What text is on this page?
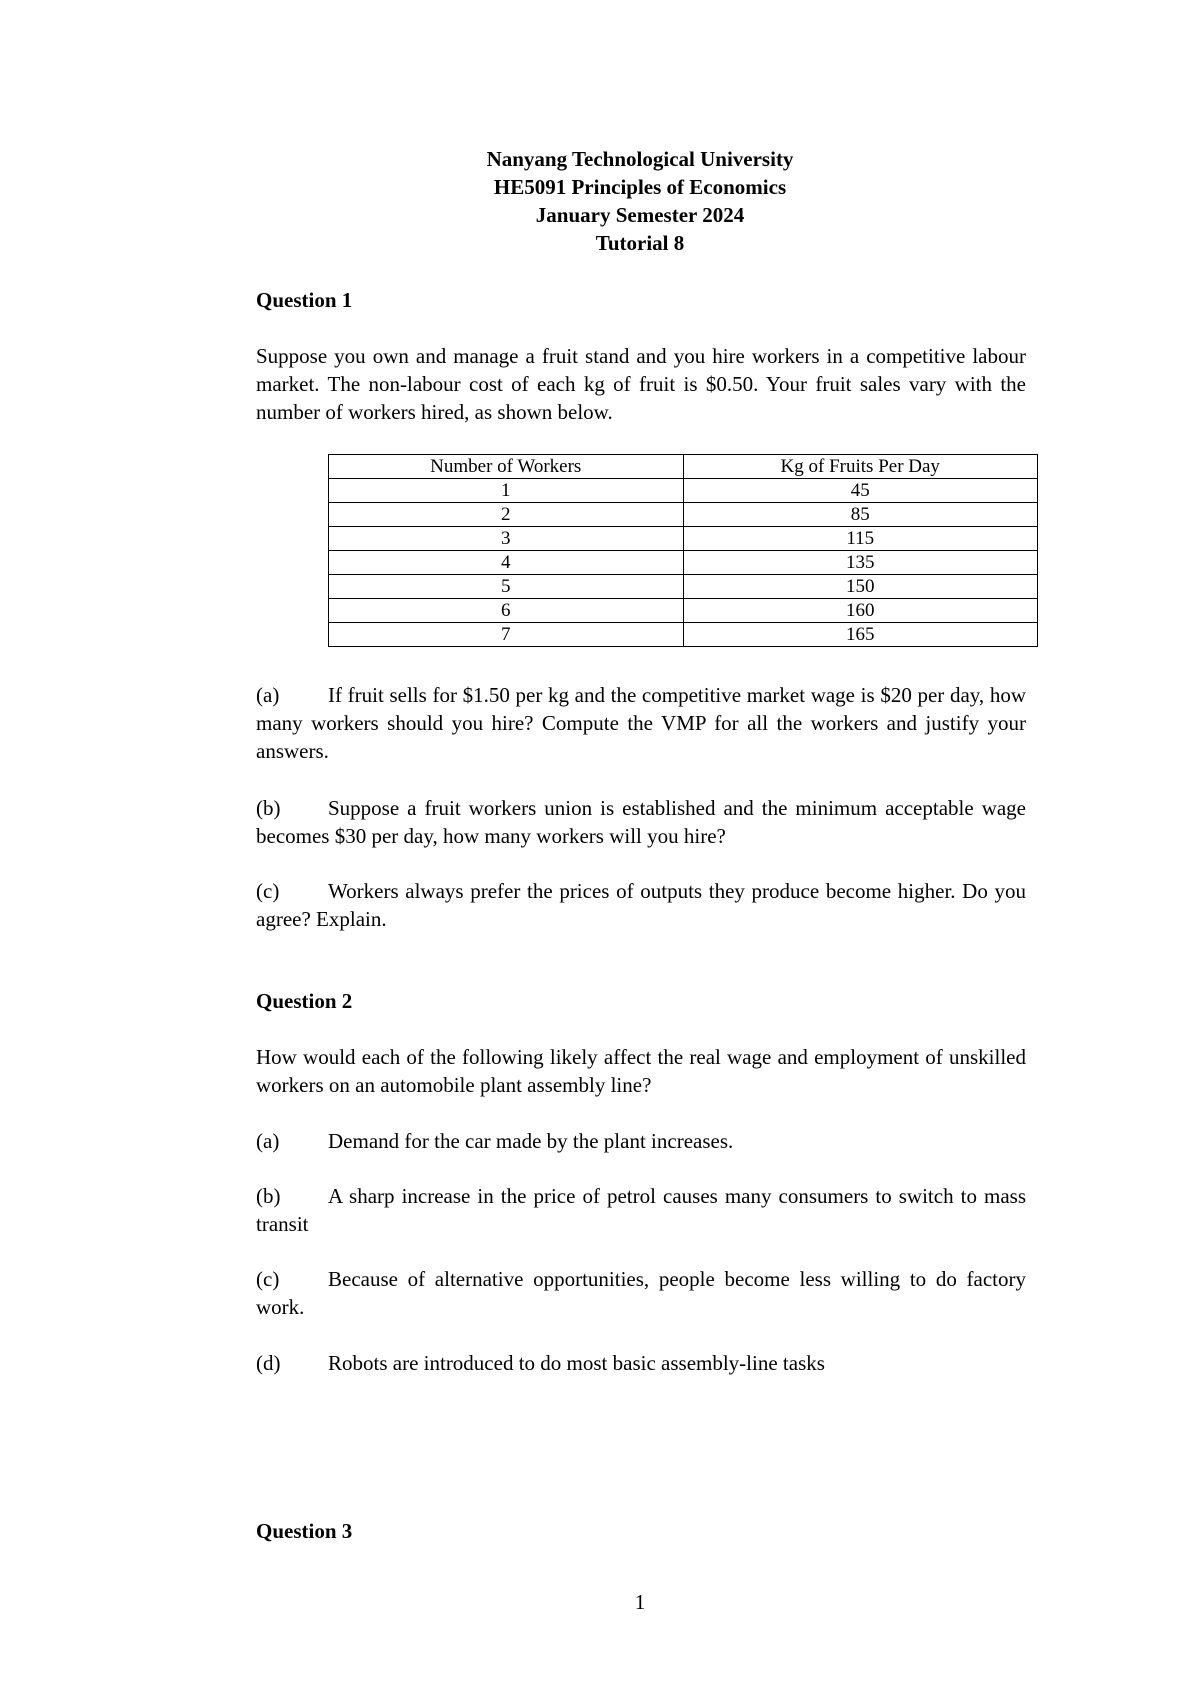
Nanyang Technological University
HE5091 Principles of Economics
January Semester 2024
Tutorial 8
Question 1
Suppose you own and manage a fruit stand and you hire workers in a competitive labour market. The non-labour cost of each kg of fruit is $0.50. Your fruit sales vary with the number of workers hired, as shown below.
Number of Workers	Kg of Fruits Per Day
1	45
2	85
3	115
4	135
5	150
6	160
7	165
(a) If fruit sells for $1.50 per kg and the competitive market wage is $20 per day, how many workers should you hire? Compute the VMP for all the workers and justify your answers.
(b) Suppose a fruit workers union is established and the minimum acceptable wage becomes $30 per day, how many workers will you hire?
(c) Workers always prefer the prices of outputs they produce become higher. Do you agree? Explain.
Question 2
How would each of the following likely affect the real wage and employment of unskilled workers on an automobile plant assembly line?
(a) Demand for the car made by the plant increases.
(b) A sharp increase in the price of petrol causes many consumers to switch to mass transit
(c) Because of alternative opportunities, people become less willing to do factory work.
(d) Robots are introduced to do most basic assembly-line tasks
Question 3
1
